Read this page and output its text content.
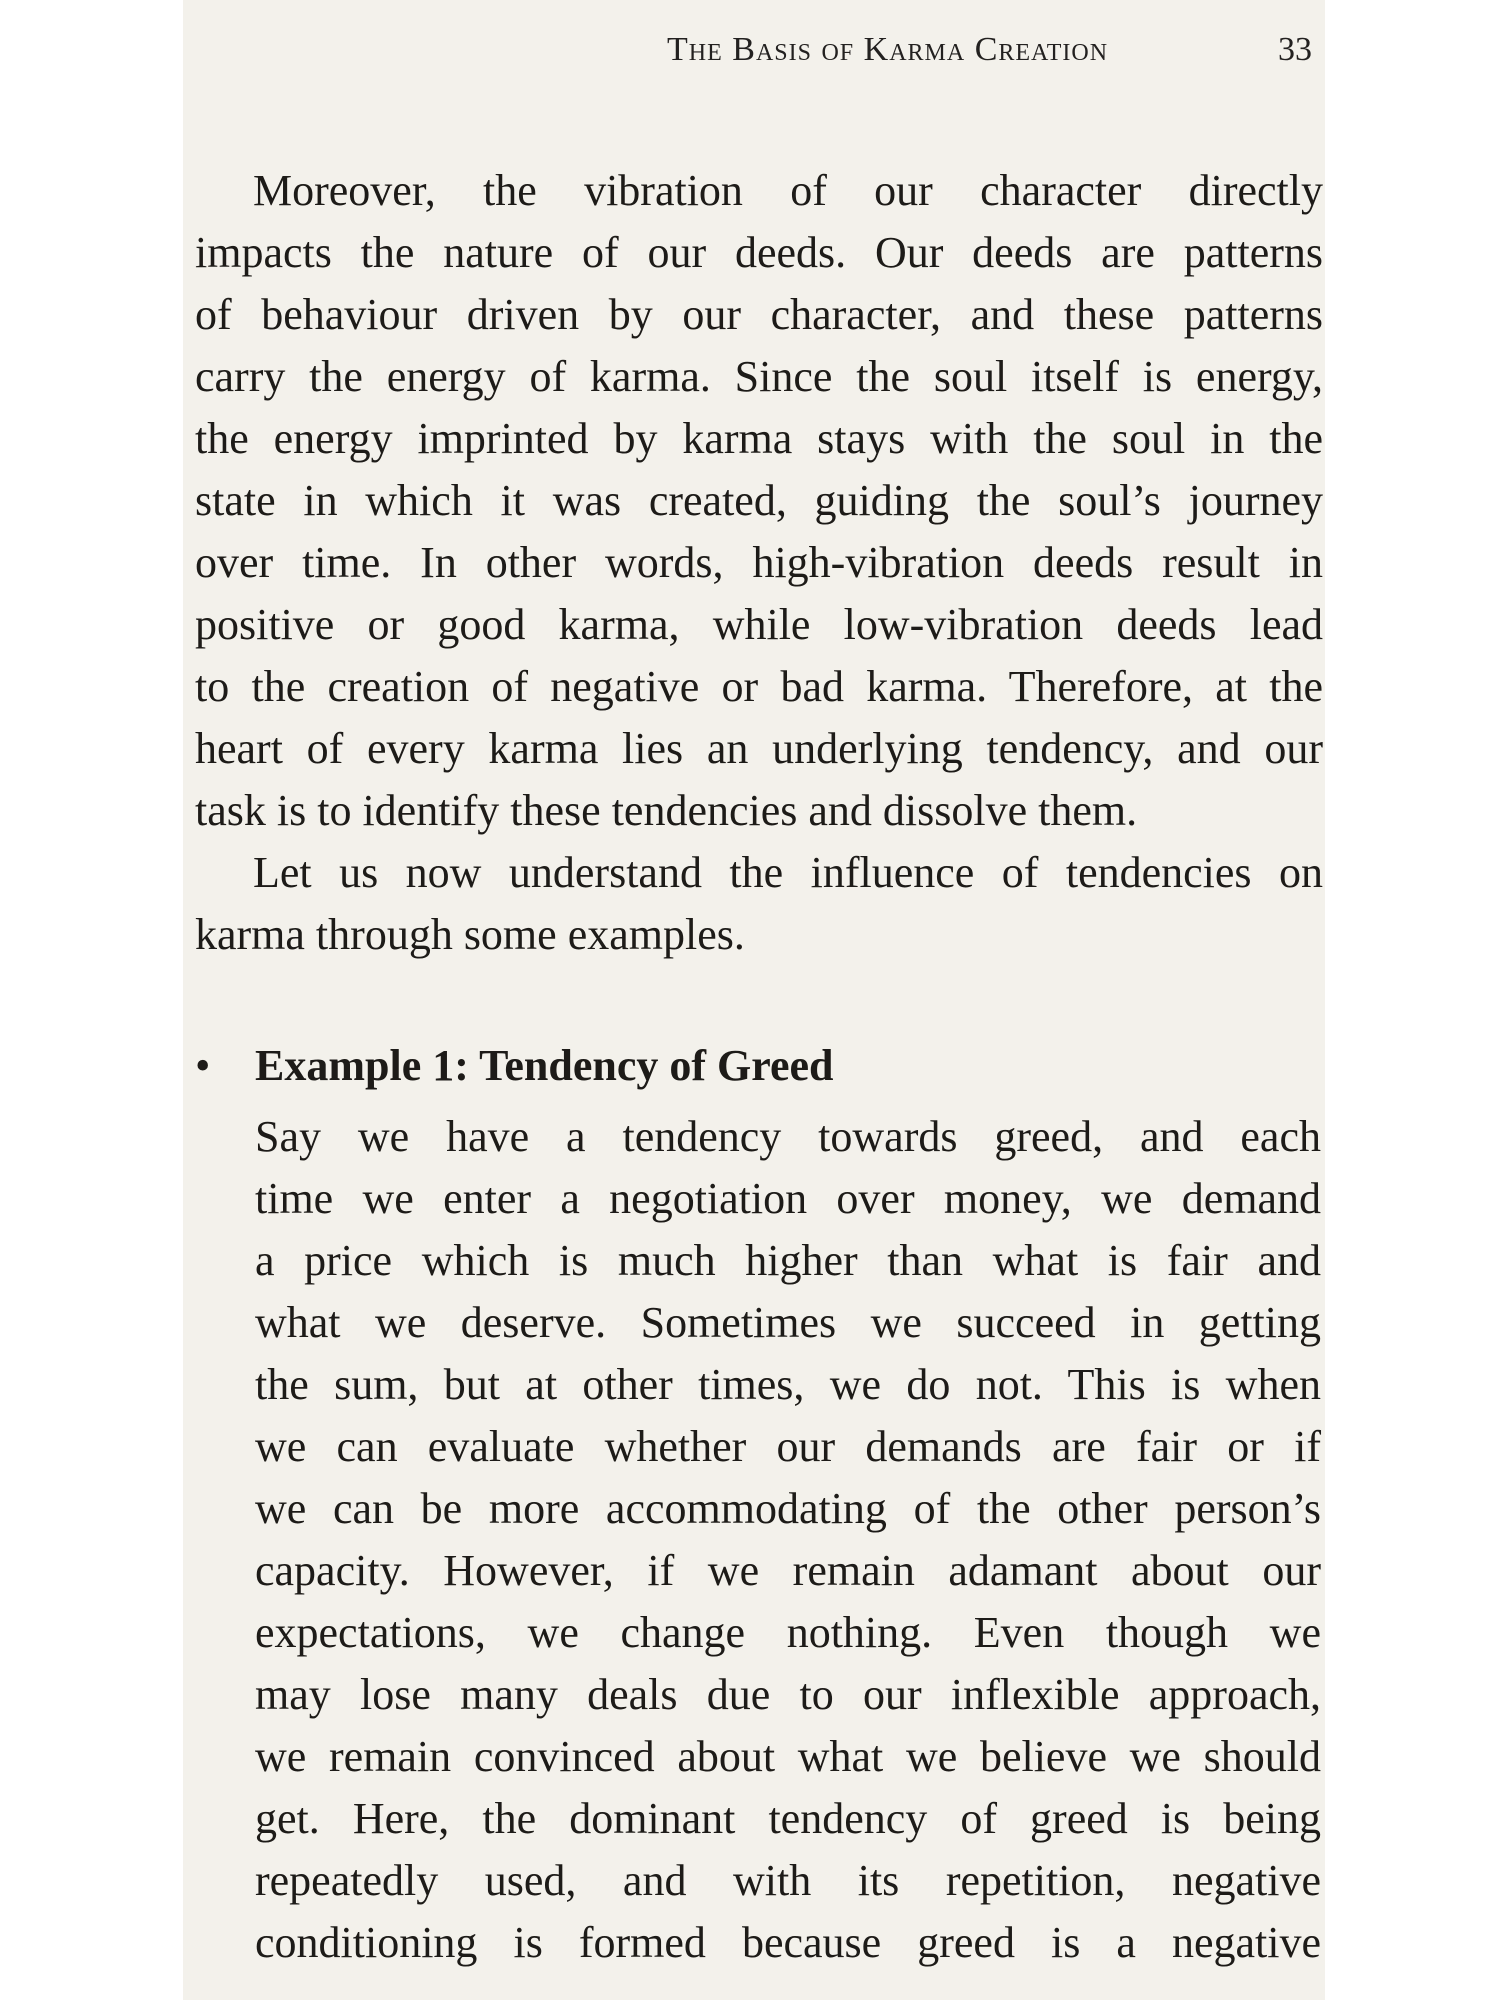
The Basis of Karma Creation	33
Moreover, the vibration of our character directly
impacts the nature of our deeds. Our deeds are patterns
of behaviour driven by our character, and these patterns
carry the energy of karma. Since the soul itself is energy,
the energy imprinted by karma stays with the soul in the
state in which it was created, guiding the soul’s journey
over time. In other words, high-vibration deeds result in
positive or good karma, while low-vibration deeds lead
to the creation of negative or bad karma. Therefore, at the
heart of every karma lies an underlying tendency, and our
task is to identify these tendencies and dissolve them.
Let us now understand the influence of tendencies on
karma through some examples.
• Example 1: Tendency of Greed
Say we have a tendency towards greed, and each
time we enter a negotiation over money, we demand
a price which is much higher than what is fair and
what we deserve. Sometimes we succeed in getting
the sum, but at other times, we do not. This is when
we can evaluate whether our demands are fair or if
we can be more accommodating of the other person’s
capacity. However, if we remain adamant about our
expectations, we change nothing. Even though we
may lose many deals due to our inflexible approach,
we remain convinced about what we believe we should
get. Here, the dominant tendency of greed is being
repeatedly used, and with its repetition, negative
conditioning is formed because greed is a negative
